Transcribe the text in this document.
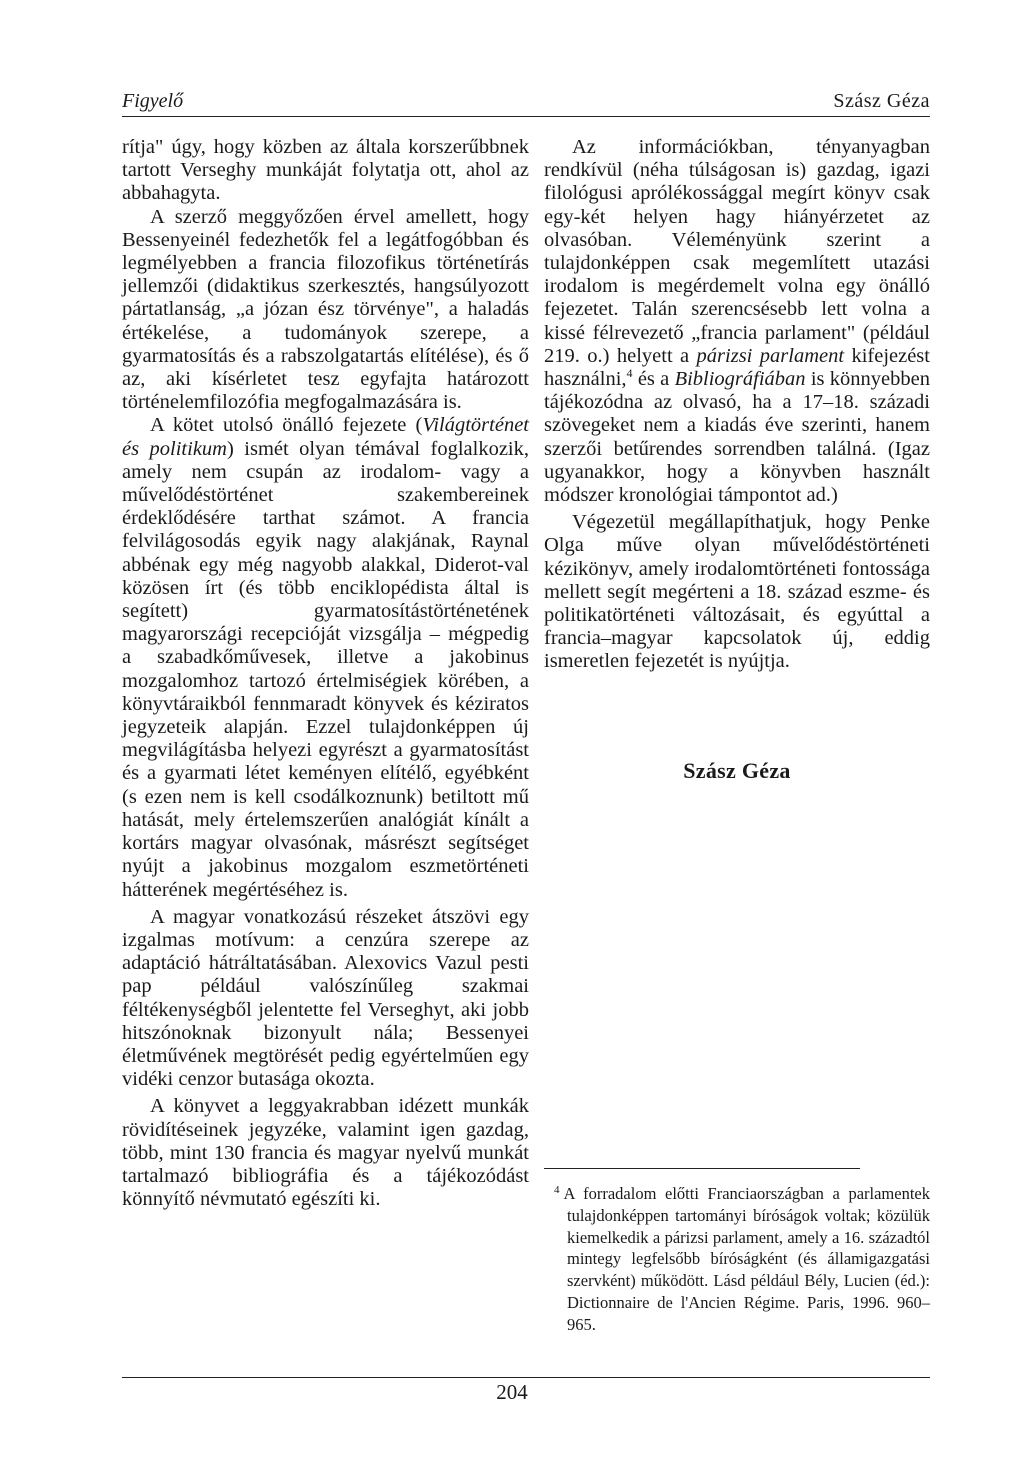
Figyelő	Szász Géza

rítja" úgy, hogy közben az általa korszerűbbnek tartott Verseghy munkáját folytatja ott, ahol az abbahagyta.

A szerző meggyőzően érvel amellett, hogy Bessenyeinél fedezhetők fel a legátfogóbban és legmélyebben a francia filozofikus történetírás jellemzői (didaktikus szerkesztés, hangsúlyozott pártatlanság, „a józan ész törvénye", a haladás értékelése, a tudományok szerepe, a gyarmatosítás és a rabszolgatartás elítélése), és ő az, aki kísérletet tesz egyfajta határozott történelemfilozófia megfogalmazására is.

A kötet utolsó önálló fejezete (Világtörténet és politikum) ismét olyan témával foglalkozik, amely nem csupán az irodalom- vagy a művelődéstörténet szakembereinek érdeklődésére tarthat számot. A francia felvilágosodás egyik nagy alakjának, Raynal abbénak egy még nagyobb alakkal, Diderot-val közösen írt (és több enciklopédista által is segített) gyarmatosítástörténetének magyarországi recepcióját vizsgálja – mégpedig a szabadkőművesek, illetve a jakobinus mozgalomhoz tartozó értelmiségiek körében, a könyvtáraikból fennmaradt könyvek és kéziratos jegyzeteik alapján. Ezzel tulajdonképpen új megvilágításba helyezi egyrészt a gyarmatosítást és a gyarmati létet keményen elítélő, egyébként (s ezen nem is kell csodálkoznunk) betiltott mű hatását, mely értelemszerűen analógiát kínált a kortárs magyar olvasónak, másrészt segítséget nyújt a jakobinus mozgalom eszmetörténeti hátterének megértéséhez is.

A magyar vonatkozású részeket átszövi egy izgalmas motívum: a cenzúra szerepe az adaptáció hátráltatásában. Alexovics Vazul pesti pap például valószínűleg szakmai féltékenységből jelentette fel Verseghyt, aki jobb hitszónoknak bizonyult nála; Bessenyei életművének megtörését pedig egyértelműen egy vidéki cenzor butasága okozta.

A könyvet a leggyakrabban idézett munkák rövidítéseinek jegyzéke, valamint igen gazdag, több, mint 130 francia és magyar nyelvű munkát tartalmazó bibliográfia és a tájékozódást könnyítő névmutató egészíti ki.

Az információkban, tényanyagban rendkívül (néha túlságosan is) gazdag, igazi filológusi aprólékossággal megírt könyv csak egy-két helyen hagy hiányérzetet az olvasóban. Véleményünk szerint a tulajdonképpen csak megemlített utazási irodalom is megérdemelt volna egy önálló fejezetet. Talán szerencsésebb lett volna a kissé félrevezető „francia parlament" (például 219. o.) helyett a párizsi parlament kifejezést használni,$^4$ és a Bibliográfiában is könnyebben tájékozódna az olvasó, ha a 17–18. századi szövegeket nem a kiadás éve szerinti, hanem szerzői betűrendes sorrendben találná. (Igaz ugyanakkor, hogy a könyvben használt módszer kronológiai támpontot ad.)

Végezetül megállapíthatjuk, hogy Penke Olga műve olyan művelődéstörténeti kézikönyv, amely irodalomtörténeti fontossága mellett segít megérteni a 18. század eszme- és politikatörténeti változásait, és egyúttal a francia–magyar kapcsolatok új, eddig ismeretlen fejezetét is nyújtja.

Szász Géza

$^4$ A forradalom előtti Franciaországban a parlamentek tulajdonképpen tartományi bíróságok voltak; közülük kiemelkedik a párizsi parlament, amely a 16. századtól mintegy legfelsőbb bíróságként (és államigazgatási szervként) működött. Lásd például Bély, Lucien (éd.): Dictionnaire de l'Ancien Régime. Paris, 1996. 960–965.

204
